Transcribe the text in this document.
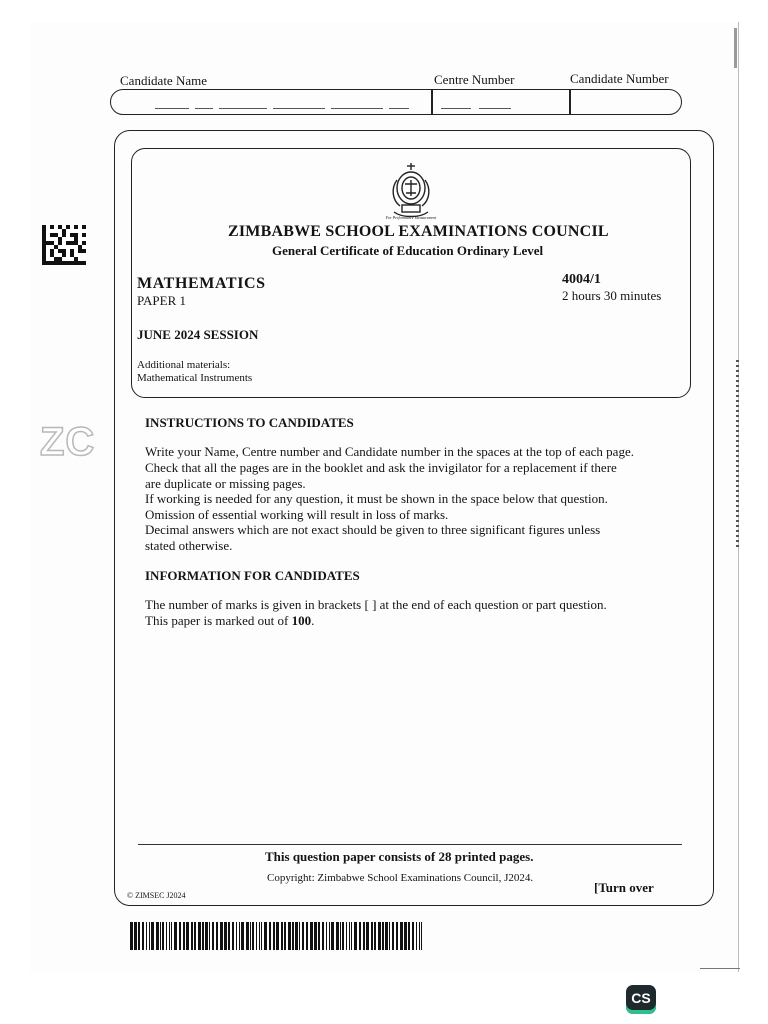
Candidate Name	Centre Number	Candidate Number
ZC
For Performance Measurement
ZIMBABWE SCHOOL EXAMINATIONS COUNCIL
General Certificate of Education Ordinary Level
MATHEMATICS
PAPER 1
4004/1
2 hours 30 minutes
JUNE 2024 SESSION
Additional materials:
Mathematical Instruments
INSTRUCTIONS TO CANDIDATES
Write your Name, Centre number and Candidate number in the spaces at the top of each page.
Check that all the pages are in the booklet and ask the invigilator for a replacement if there
are duplicate or missing pages.
If working is needed for any question, it must be shown in the space below that question.
Omission of essential working will result in loss of marks.
Decimal answers which are not exact should be given to three significant figures unless
stated otherwise.
INFORMATION FOR CANDIDATES
The number of marks is given in brackets [ ] at the end of each question or part question.
This paper is marked out of 100.
This question paper consists of 28 printed pages.
Copyright: Zimbabwe School Examinations Council, J2024.
[Turn over
© ZIMSEC J2024
CS
